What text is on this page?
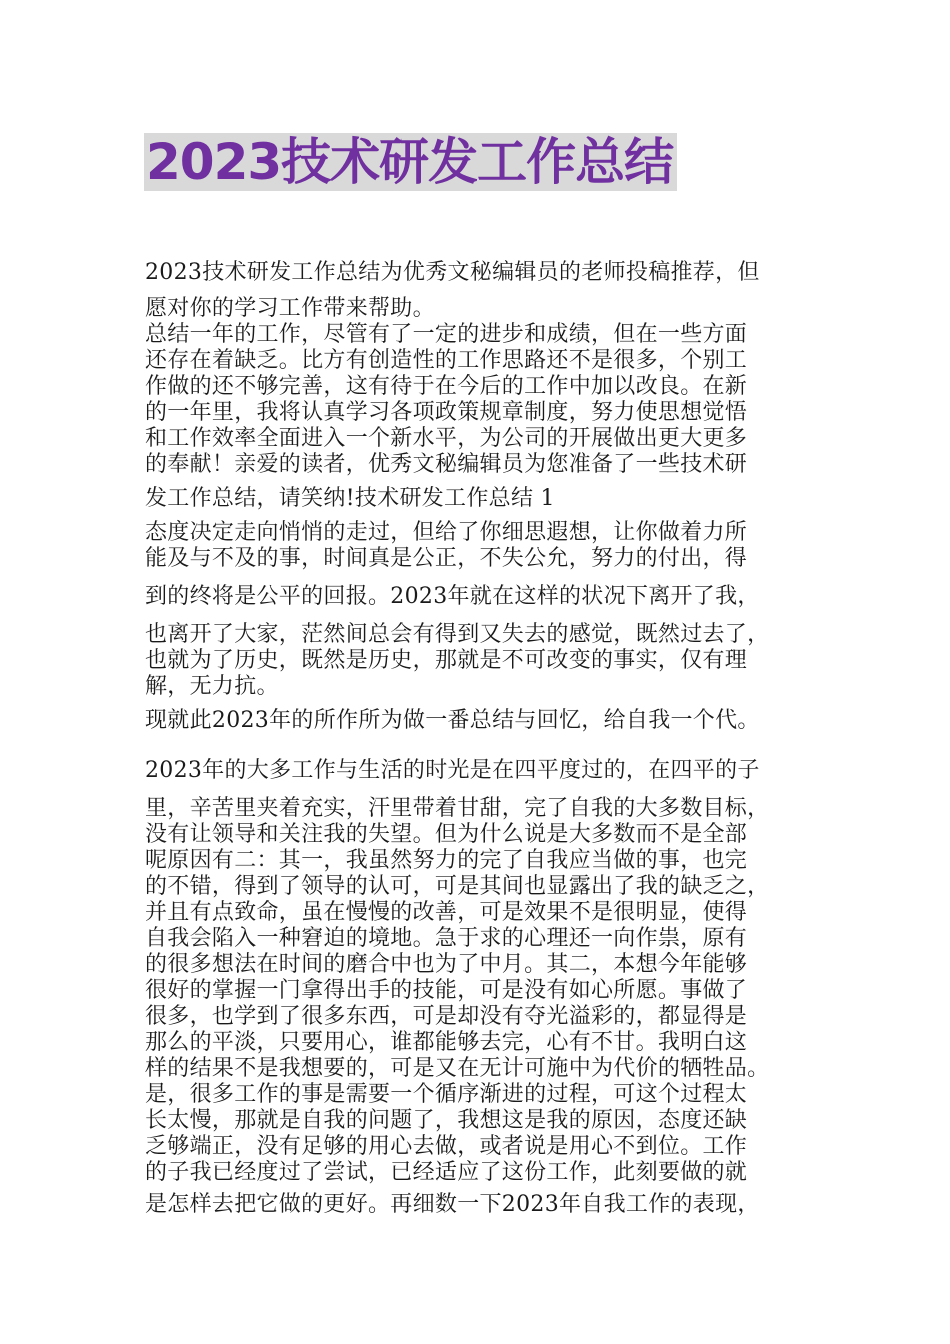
2023技术研发工作总结
2023技术研发工作总结为优秀文秘编辑员的老师投稿推荐，但
愿对你的学习工作带来帮助。
总结一年的工作，尽管有了一定的进步和成绩，但在一些方面
还存在着缺乏。比方有创造性的工作思路还不是很多，个别工
作做的还不够完善，这有待于在今后的工作中加以改良。在新
的一年里，我将认真学习各项政策规章制度，努力使思想觉悟
和工作效率全面进入一个新水平，为公司的开展做出更大更多
的奉献！亲爱的读者，优秀文秘编辑员为您准备了一些技术研
发工作总结，请笑纳!技术研发工作总结 1
态度决定走向悄悄的走过，但给了你细思遐想，让你做着力所
能及与不及的事，时间真是公正，不失公允，努力的付出，得
到的终将是公平的回报。2023年就在这样的状况下离开了我，
也离开了大家，茫然间总会有得到又失去的感觉，既然过去了，
也就为了历史，既然是历史，那就是不可改变的事实，仅有理
解，无力抗。
现就此2023年的所作所为做一番总结与回忆，给自我一个代。
2023年的大多工作与生活的时光是在四平度过的，在四平的子
里，辛苦里夹着充实，汗里带着甘甜，完了自我的大多数目标，
没有让领导和关注我的失望。但为什么说是大多数而不是全部
呢原因有二：其一，我虽然努力的完了自我应当做的事，也完
的不错，得到了领导的认可，可是其间也显露出了我的缺乏之，
并且有点致命，虽在慢慢的改善，可是效果不是很明显，使得
自我会陷入一种窘迫的境地。急于求的心理还一向作祟，原有
的很多想法在时间的磨合中也为了中月。其二，本想今年能够
很好的掌握一门拿得出手的技能，可是没有如心所愿。事做了
很多，也学到了很多东西，可是却没有夺光溢彩的，都显得是
那么的平淡，只要用心，谁都能够去完，心有不甘。我明白这
样的结果不是我想要的，可是又在无计可施中为代价的牺牲品。
是，很多工作的事是需要一个循序渐进的过程，可这个过程太
长太慢，那就是自我的问题了，我想这是我的原因，态度还缺
乏够端正，没有足够的用心去做，或者说是用心不到位。工作
的子我已经度过了尝试，已经适应了这份工作，此刻要做的就
是怎样去把它做的更好。再细数一下2023年自我工作的表现，
